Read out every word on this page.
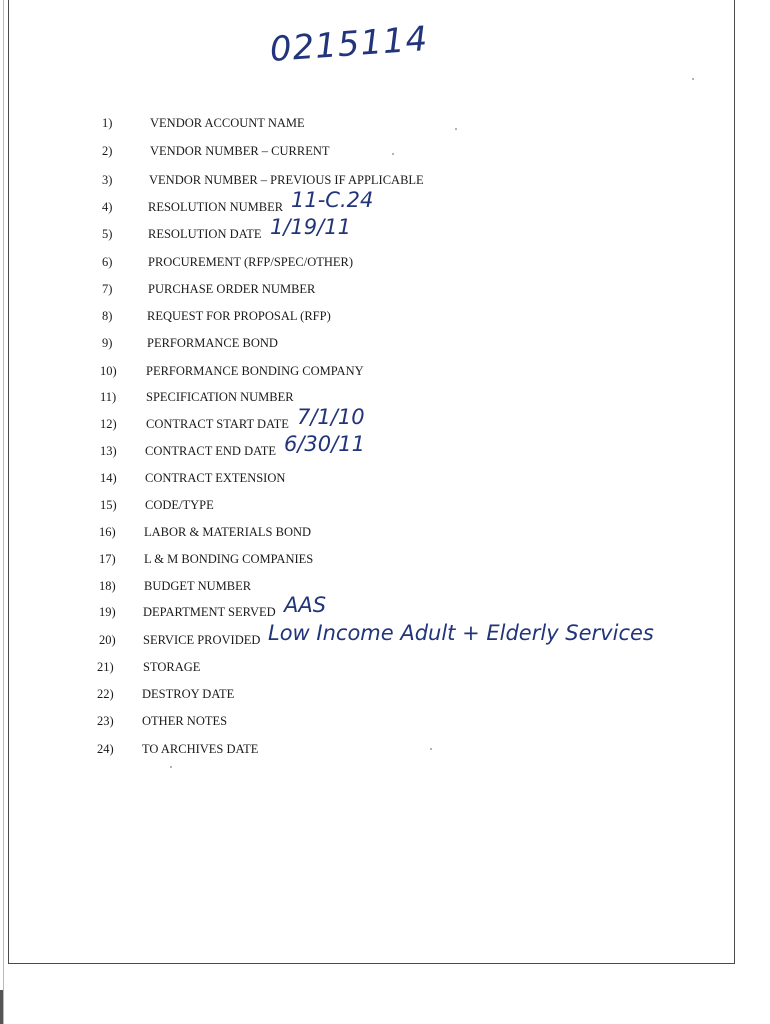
0215114
1)	VENDOR ACCOUNT NAME
2)	VENDOR NUMBER – CURRENT
3)	VENDOR NUMBER – PREVIOUS IF APPLICABLE
4)	RESOLUTION NUMBER 11-C.24
5)	RESOLUTION DATE 1/19/11
6)	PROCUREMENT (RFP/SPEC/OTHER)
7)	PURCHASE ORDER NUMBER
8)	REQUEST FOR PROPOSAL (RFP)
9)	PERFORMANCE BOND
10)	PERFORMANCE BONDING COMPANY
11)	SPECIFICATION NUMBER
12)	CONTRACT START DATE 7/1/10
13)	CONTRACT END DATE 6/30/11
14)	CONTRACT EXTENSION
15)	CODE/TYPE
16)	LABOR & MATERIALS BOND
17)	L & M BONDING COMPANIES
18)	BUDGET NUMBER
19)	DEPARTMENT SERVED AAS
20)	SERVICE PROVIDED Low Income Adult + Elderly Services
21)	STORAGE
22)	DESTROY DATE
23)	OTHER NOTES
24)	TO ARCHIVES DATE
